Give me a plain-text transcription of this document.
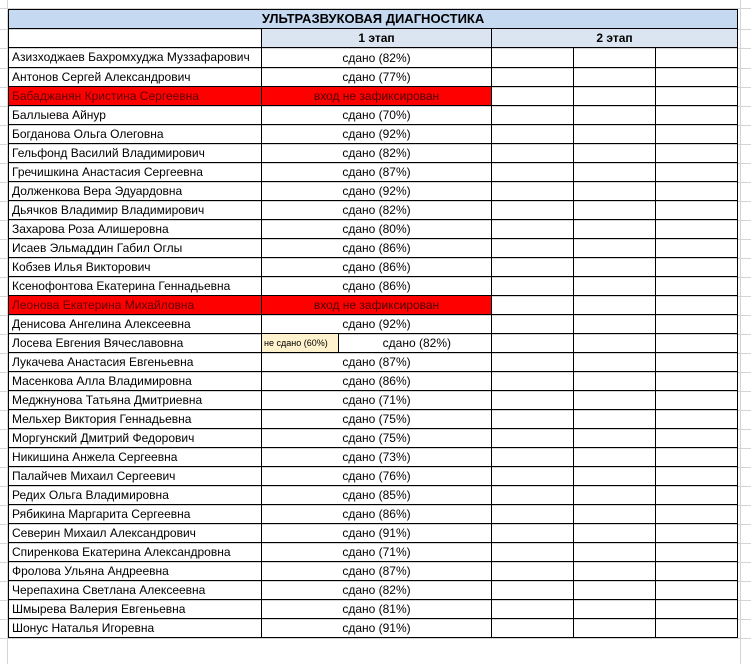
УЛЬТРАЗВУКОВАЯ ДИАГНОСТИКА					
	1 этап		2 этап		
Азизходжаев Бахромхуджа Муззафарович	сдано (82%)				
Антонов Сергей Александрович	сдано (77%)				
Бабаджанян Кристина Сергеевна	вход не зафиксирован				
Баллыева Айнур	сдано (70%)				
Богданова Ольга Олеговна	сдано (92%)				
Гельфонд Василий Владимирович	сдано (82%)				
Гречишкина Анастасия Сергеевна	сдано (87%)				
Долженкова Вера Эдуардовна	сдано (92%)				
Дьячков Владимир Владимирович	сдано (82%)				
Захарова Роза Алишеровна	сдано (80%)				
Исаев Эльмаддин Габил Оглы	сдано (86%)				
Кобзев Илья Викторович	сдано (86%)				
Ксенофонтова Екатерина Геннадьевна	сдано (86%)				
Леонова Екатерина Михайловна	вход не зафиксирован				
Денисова Ангелина Алексеевна	сдано (92%)				
Лосева Евгения Вячеславовна	не сдано (60%)	сдано (82%)			
Лукачева Анастасия Евгеньевна	сдано (87%)				
Масенкова Алла Владимировна	сдано (86%)				
Меджнунова Татьяна Дмитриевна	сдано (71%)				
Мельхер Виктория Геннадьевна	сдано (75%)				
Моргунский Дмитрий Федорович	сдано (75%)				
Никишина Анжела Сергеевна	сдано (73%)				
Палайчев Михаил Сергеевич	сдано (76%)				
Редих Ольга Владимировна	сдано (85%)				
Рябикина Маргарита Сергеевна	сдано (86%)				
Северин Михаил Александрович	сдано (91%)				
Спиренкова Екатерина Александровна	сдано (71%)				
Фролова Ульяна Андреевна	сдано (87%)				
Черепахина Светлана Алексеевна	сдано (82%)				
Шмырева Валерия Евгеньевна	сдано (81%)				
Шонус Наталья Игоревна	сдано (91%)				
